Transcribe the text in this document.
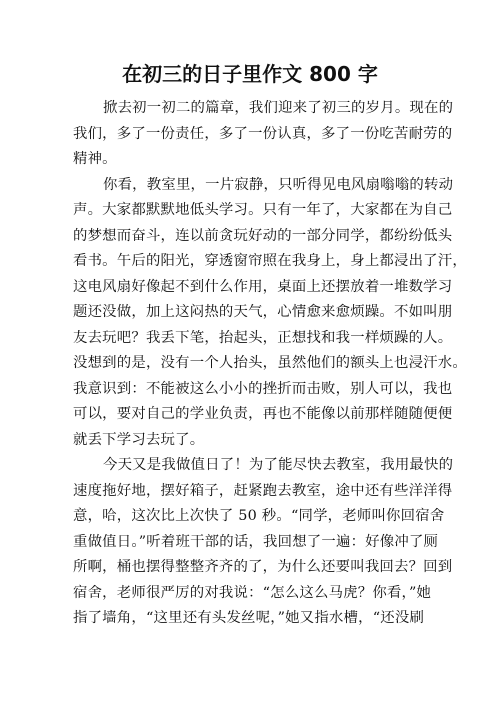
在初三的日子里作文 800 字

掀去初一初二的篇章，我们迎来了初三的岁月。现在的
我们，多了一份责任，多了一份认真，多了一份吃苦耐劳的
精神。

你看，教室里，一片寂静，只听得见电风扇嗡嗡的转动
声。大家都默默地低头学习。只有一年了，大家都在为自己
的梦想而奋斗，连以前贪玩好动的一部分同学，都纷纷低头
看书。午后的阳光，穿透窗帘照在我身上，身上都浸出了汗，
这电风扇好像起不到什么作用，桌面上还摆放着一堆数学习
题还没做，加上这闷热的天气，心情愈来愈烦躁。不如叫朋
友去玩吧？我丢下笔，抬起头，正想找和我一样烦躁的人。
没想到的是，没有一个人抬头，虽然他们的额头上也浸汗水。
我意识到：不能被这么小小的挫折而击败，别人可以，我也
可以，要对自己的学业负责，再也不能像以前那样随随便便
就丢下学习去玩了。

今天又是我做值日了！为了能尽快去教室，我用最快的
速度拖好地，摆好箱子，赶紧跑去教室，途中还有些洋洋得
意，哈，这次比上次快了 50 秒。“同学，老师叫你回宿舍
重做值日。”听着班干部的话，我回想了一遍：好像冲了厕
所啊，桶也摆得整整齐齐的了，为什么还要叫我回去？回到
宿舍，老师很严厉的对我说：“怎么这么马虎？你看，”她
指了墙角，“这里还有头发丝呢，”她又指水槽，“还没刷
